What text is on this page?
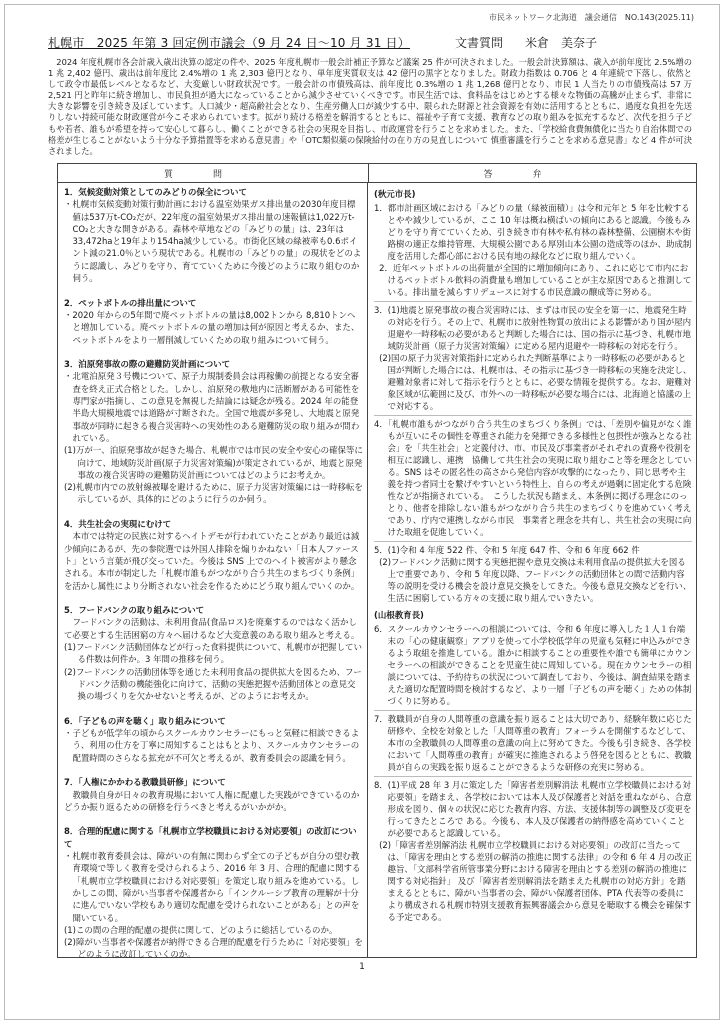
市民ネットワーク北海道　議会通信　NO.143(2025.11)
札幌市　2025 年第 3 回定例市議会（9 月 24 日〜10 月 31 日）	文書質問 米倉　美奈子
2024 年度札幌市各会計歳入歳出決算の認定の件や、2025 年度札幌市一般会計補正予算など議案 25 件が可決されました。一般会計決算額は、歳入が前年度比 2.5%増の 1 兆 2,402 億円、歳出は前年度比 2.4%増の 1 兆 2,303 億円となり、単年度実質収支は 42 億円の黒字となりました。財政力指数は 0.706 と 4 年連続で下落し、依然として政令市最低レベルとなるなど、大変厳しい財政状況です。一般会計の市債残高は、前年度比 0.3%増の 1 兆 1,268 億円となり、市民 1 人当たりの市債残高は 57 万 2,521 円と昨年に続き増加し、市民負担が過大になっていることから減少させていくべきです。市民生活では、食料品をはじめとする様々な物価の高騰が止まらず、非常に大きな影響を引き続き及ぼしています。人口減少・超高齢社会となり、生産労働人口が減少する中、限られた財源と社会資源を有効に活用するとともに、過度な負担を先送りしない持続可能な財政運営が今こそ求められています。拡がり続ける格差を解消するとともに、福祉や子育て支援、教育などの取り組みを拡充するなど、次代を担う子どもや若者、誰もが希望を持って安心して暮らし、働くことができる社会の実現を目指し、市政運営を行うことを求めました。また、「学校給食費無償化に当たり自治体間での格差が生じることがないよう十分な予算措置等を求める意見書」や「OTC類似薬の保険給付の在り方の見直しについて 慎重審議を行うことを求める意見書」など 4 件が可決されました。
質問	答弁
1．気候変動対策としてのみどりの保全について
・札幌市気候変動対策行動計画における温室効果ガス排出量の2030年度目標値は537万t-CO₂だが、22年度の温室効果ガス排出量の速報値は1,022万t-CO₂と大きな開きがある。森林や草地などの「みどりの量」は、23年は33,472haと19年より154ha減少している。市街化区域の緑被率も0.6ポイント減の21.0％という現状である。札幌市の「みどりの量」の現状をどのように認識し、みどりを守り、育てていくために今後どのように取り組むのか伺う。
2．ペットボトルの排出量について
・2020 年からの5年間で廃ペットボトルの量は8,002トンから 8,810トンへと増加している。廃ペットボトルの量の増加は何が原因と考えるか、また、ペットボトルをより一層削減していくための取り組みについて伺う。
3．泊原発事故の際の避難防災計画について
・北電泊原発３号機について、原子力規制委員会は再稼働の前提となる安全審査を終え正式合格とした。しかし、泊原発の敷地内に活断層がある可能性を専門家が指摘し、この意見を無視した結論には疑念が残る。2024 年の能登半島大規模地震では道路が寸断された。全国で地震が多発し、大地震と原発事故が同時に起きる複合災害時への実効性のある避難防災の取り組みが問われている。
(1)万が一、泊原発事故が起きた場合、札幌市では市民の安全や安心の確保等に向けて、地域防災計画(原子力災害対策編)が策定されているが、地震と原発事故の複合災害時の避難防災計画についてはどのようにお考えか。
(2)札幌市内での放射線被曝を避けるために、原子力災害対策編には一時移転を示しているが、具体的にどのように行うのか伺う。
4．共生社会の実現にむけて
本市では特定の民族に対するヘイトデモが行われていたことがあり最近は減少傾向にあるが、先の参院選では外国人排除を煽りかねない「日本人ファースト」という言葉が飛び交っていた。今後は SNS 上でのヘイト被害がより懸念される。本市が制定した「札幌市誰もがつながり合う共生のまちづくり条例」を活かし属性により分断されない社会を作るためにどう取り組んでいくのか。
5．フードバンクの取り組みについて
フードバンクの活動は、未利用食品(食品ロス)を廃棄するのではなく活かして必要とする生活困窮の方々へ届けるなど大変意義のある取り組みと考える。
(1)フードバンク活動団体などが行った食料提供について、札幌市が把握している件数は何件か。3 年間の推移を伺う。
(2)フードバンクの活動団体等を通じた未利用食品の提供拡大を図るため、フードバンク活動の機能強化に向けて、活動の実態把握や活動団体との意見交換の場づくりを欠かせないと考えるが、どのようにお考えか。
6．「子どもの声を聴く」取り組みについて
・子どもが低学年の頃からスクールカウンセラーにもっと気軽に相談できるよう、利用の仕方を丁寧に周知することはもとより、スクールカウンセラーの配置時間のさらなる拡充が不可欠と考えるが、教育委員会の認識を伺う。
7．「人権にかかわる教職員研修」について
教職員自身が日々の教育現場において人権に配慮した実践ができているのかどうか振り返るための研修を行うべきと考えるがいかがか。
8．合理的配慮に関する「札幌市立学校職員における対応要領」の改訂について
・札幌市教育委員会は、障がいの有無に関わらず全ての子どもが自分の望む教育環境で等しく教育を受けられるよう、2016 年 3 月、合理的配慮に関する「札幌市立学校職員における対応要領」を策定し取り組みを進めている。しかしこの間、障がい当事者や保護者から「インクルーシブ教育の理解が十分に進んでいない学校もあり適切な配慮を受けられないことがある」との声を聞いている。
(1)この間の合理的配慮の提供に関して、どのように総括しているのか。
(2)障がい当事者や保護者が納得できる合理的配慮を行うために「対応要領」をどのように改訂していくのか。
(秋元市長)
1．都市計画区域における「みどりの量（緑被面積）」は令和元年と 5 年を比較するとやや減少しているが、ここ 10 年は概ね横ばいの傾向にあると認識。今後もみどりを守り育てていくため、引き続き市有林や私有林の森林整備、公園樹木や街路樹の適正な維持管理、大規模公園である厚別山本公園の造成等のほか、助成制度を活用した都心部における民有地の緑化などに取り組んでいく。
2．近年ペットボトルの出荷量が全国的に増加傾向にあり、これに応じて市内におけるペットボトル飲料の消費量も増加していることが主な原因であると推測している。排出量を減らすリデュースに対する市民意識の醸成等に努める。
3．(1)地震と原発事故の複合災害時には、まずは市民の安全を第一に、地震発生時の対応を行う。その上で、札幌市に放射性物質の放出による影響があり国が屋内退避や一時移転の必要があると判断した場合には、国の指示に基づき、札幌市地域防災計画（原子力災害対策編）に定める屋内退避や一時移転の対応を行う。
(2)国の原子力災害対策指針に定められた判断基準により一時移転の必要があると国が判断した場合には、札幌市は、その指示に基づき一時移転の実施を決定し、避難対象者に対して指示を行うとともに、必要な情報を提供する。なお、避難対象区域が広範囲に及び、市外への一時移転が必要な場合には、北海道と協議の上で対応する。
4．「札幌市誰もがつながり合う共生のまちづくり条例」では、「差別や偏見がなく誰もが互いにその個性を尊重され能力を発揮できる多様性と包摂性が強みとなる社会」を「共生社会」と定義付け、市、市民及び事業者がそれぞれの責務や役割を相互に認識し、連携　協働して共生社会の実現に取り組むこと等を理念としている。SNS はその匿名性の高さから発信内容が攻撃的になったり、同じ思考や主義を持つ者同士を繋げやすいという特性上、自らの考えが過剰に固定化する危険性などが指摘されている。　こうした状況も踏まえ、本条例に掲げる理念にのっとり、他者を排除しない誰もがつながり合う共生のまちづくりを進めていく考えであり、庁内で連携しながら市民　事業者と理念を共有し、共生社会の実現に向けた取組を促進していく。
5．(1)令和 4 年度 522 件、令和 5 年度 647 件、令和 6 年度 662 件
(2)フードバンク活動に関する実態把握や意見交換は未利用食品の提供拡大を図る上で重要であり、令和 5 年度以降、フードバンクの活動団体との間で活動内容等の説明を受ける機会を設け意見交換をしてきた。今後も意見交換などを行い、生活に困窮している方々の支援に取り組んでいきたい。
(山根教育長)
6．スクールカウンセラーへの相談については、令和 6 年度に導入した１人１台端末の「心の健康観察」アプリを使って小学校低学年の児童も気軽に申込みができるよう取組を推進している。誰かに相談することの重要性や誰でも簡単にカウンセラーへの相談ができることを児童生徒に周知している。現在カウンセラーの相談については、予約待ちの状況について調査しており、今後は、調査結果を踏まえた適切な配置時間を検討するなど、より一層「子どもの声を聴く」ための体制づくりに努める。
7．教職員が自身の人間尊重の意識を振り返ることは大切であり、経験年数に応じた研修や、全校を対象とした「人間尊重の教育」フォーラムを開催するなどして、本市の全教職員の人間尊重の意識の向上に努めてきた。今後も引き続き、各学校において「人間尊重の教育」が確実に推進されるよう啓発を図るとともに、教職員が自らの実践を振り返ることができるような研修の充実に努める。
8．(1)平成 28 年 3 月に策定した「障害者差別解消法 札幌市立学校職員における対応要領」を踏まえ、各学校においては本人及び保護者と対話を重ねながら、合意形成を図り、個々の状況に応じた教育内容、方法、支援体制等の調整及び変更を行ってきたところで ある。今後も、本人及び保護者の納得感を高めていくことが必要であると認識している。
(2)「障害者差別解消法 札幌市立学校職員における対応要領」の改訂に当たっては、「障害を理由とする差別の解消の推進に関する法律」の令和 6 年 4 月の改正趣旨、「文部科学省所管事業分野における障害を理由とする差別の解消の推進に関する対応指針」 及び「障害者差別解消法を踏まえた札幌市の対応方針」を踏まえるとともに、障がい当事者の会、障がい保護者団体、PTA 代表等の委員により構成される札幌市特別支援教育振興審議会から意見を聴取する機会を確保する予定である。
1
